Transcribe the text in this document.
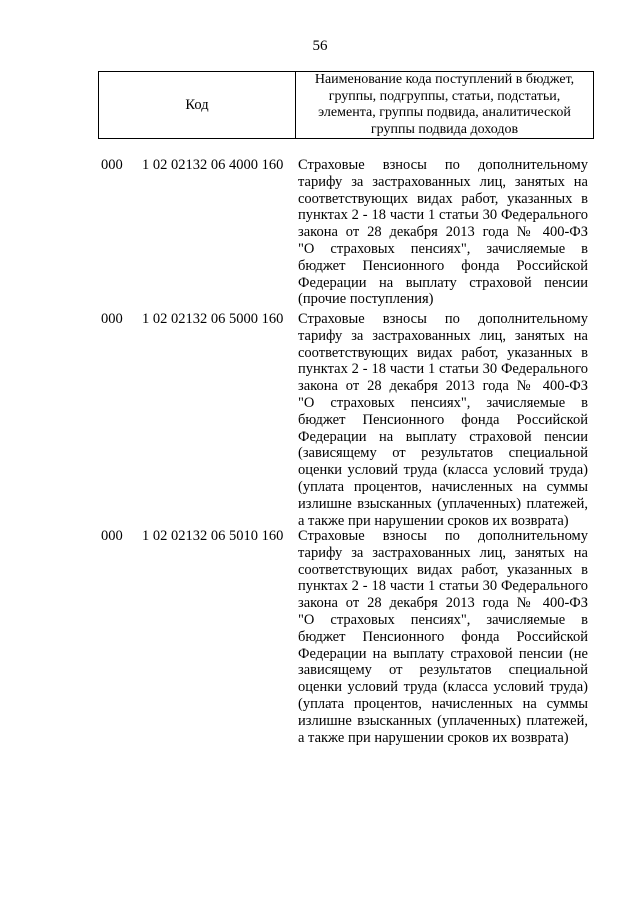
56
Код	
Наименование кода поступлений в бюджет,
группы, подгруппы, статьи, подстатьи,
элемента, группы подвида, аналитической
группы подвида доходов
000 1 02 02132 06 4000 160 Страховые взносы по дополнительному
тарифу за застрахованных лиц, занятых на
соответствующих видах работ, указанных в
пунктах 2 - 18 части 1 статьи 30 Федерального
закона от 28 декабря 2013 года № 400-ФЗ
"О страховых пенсиях", зачисляемые в
бюджет Пенсионного фонда Российской
Федерации на выплату страховой пенсии
(прочие поступления)
000 1 02 02132 06 5000 160 Страховые взносы по дополнительному
тарифу за застрахованных лиц, занятых на
соответствующих видах работ, указанных в
пунктах 2 - 18 части 1 статьи 30 Федерального
закона от 28 декабря 2013 года № 400-ФЗ
"О страховых пенсиях", зачисляемые в
бюджет Пенсионного фонда Российской
Федерации на выплату страховой пенсии
(зависящему от результатов специальной
оценки условий труда (класса условий труда)
(уплата процентов, начисленных на суммы
излишне взысканных (уплаченных) платежей,
а также при нарушении сроков их возврата)
000 1 02 02132 06 5010 160 Страховые взносы по дополнительному
тарифу за застрахованных лиц, занятых на
соответствующих видах работ, указанных в
пунктах 2 - 18 части 1 статьи 30 Федерального
закона от 28 декабря 2013 года № 400-ФЗ
"О страховых пенсиях", зачисляемые в
бюджет Пенсионного фонда Российской
Федерации на выплату страховой пенсии (не
зависящему от результатов специальной
оценки условий труда (класса условий труда)
(уплата процентов, начисленных на суммы
излишне взысканных (уплаченных) платежей,
а также при нарушении сроков их возврата)
